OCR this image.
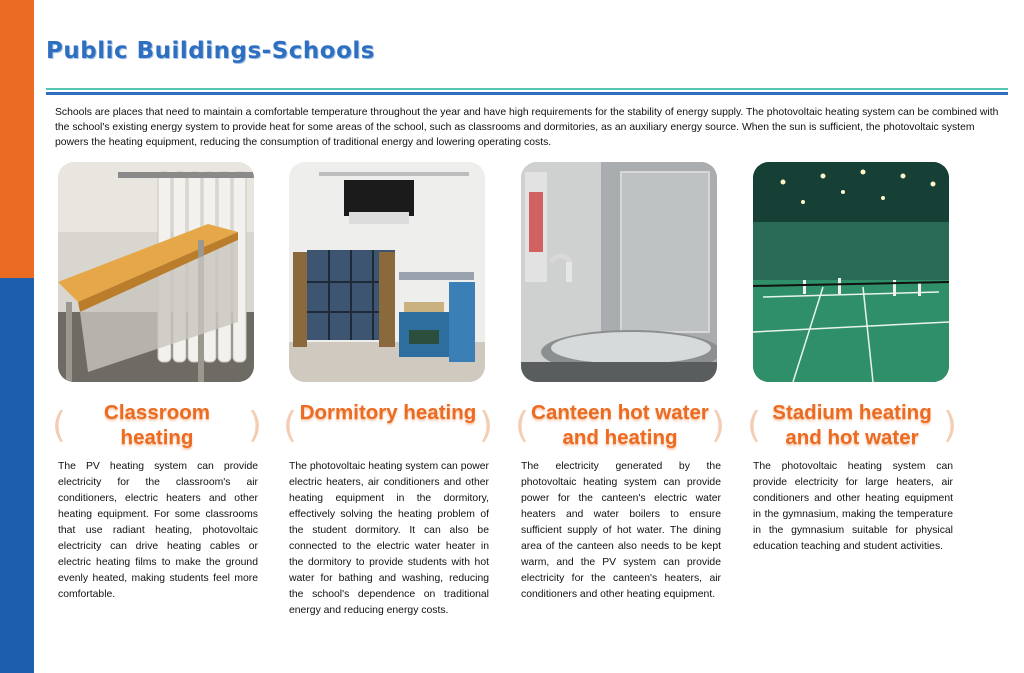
Public Buildings-Schools

Schools are places that need to maintain a comfortable temperature throughout the year and have high requirements for the stability of energy supply. The photovoltaic heating system can be combined with the school's existing energy system to provide heat for some areas of the school, such as classrooms and dormitories, as an auxiliary energy source. When the sun is sufficient, the photovoltaic system powers the heating equipment, reducing the consumption of traditional energy and lowering operating costs.

(	Classroom heating	)

The PV heating system can provide electricity for the classroom's air conditioners, electric heaters and other heating equipment. For some classrooms that use radiant heating, photovoltaic electricity can drive heating cables or electric heating films to make the ground evenly heated, making students feel more comfortable.

( Dormitory heating )

The photovoltaic heating system can power electric heaters, air conditioners and other heating equipment in the dormitory, effectively solving the heating problem of the student dormitory. It can also be connected to the electric water heater in the dormitory to provide students with hot water for bathing and washing, reducing the school's dependence on traditional energy and reducing energy costs.

( Canteen hot water and heating )

The electricity generated by the photovoltaic heating system can provide power for the canteen's electric water heaters and water boilers to ensure sufficient supply of hot water. The dining area of the canteen also needs to be kept warm, and the PV system can provide electricity for the canteen's heaters, air conditioners and other heating equipment.

( Stadium heating and hot water )

The photovoltaic heating system can provide electricity for large heaters, air conditioners and other heating equipment in the gymnasium, making the temperature in the gymnasium suitable for physical education teaching and student activities.
